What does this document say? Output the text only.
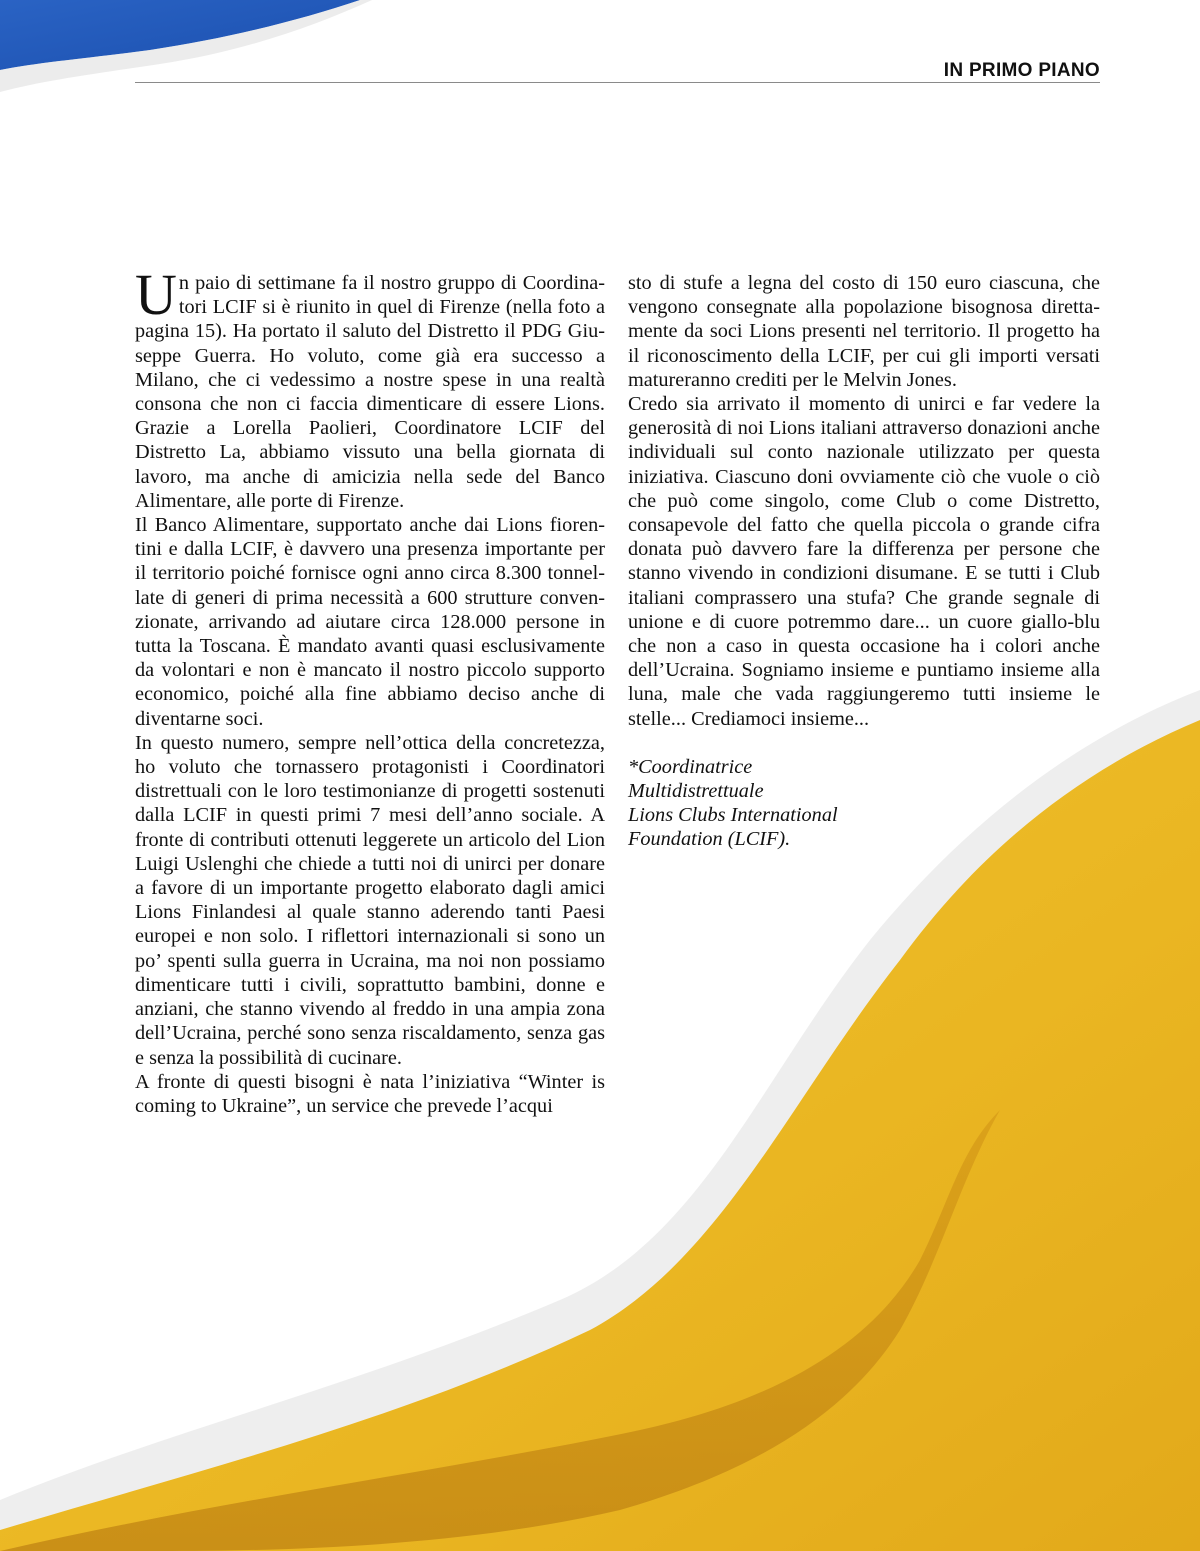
IN PRIMO PIANO

Un paio di settimane fa il nostro gruppo di Coordinatori LCIF si è riunito in quel di Firenze (nella foto a pagina 15). Ha portato il saluto del Distretto il PDG Giuseppe Guerra. Ho voluto, come già era successo a Milano, che ci vedessimo a nostre spese in una realtà consona che non ci faccia dimenticare di essere Lions. Grazie a Lorella Paolieri, Coordinatore LCIF del Distretto La, abbiamo vissuto una bella giornata di lavoro, ma anche di amicizia nella sede del Banco Alimentare, alle porte di Firenze.

Il Banco Alimentare, supportato anche dai Lions fiorentini e dalla LCIF, è davvero una presenza importante per il territorio poiché fornisce ogni anno circa 8.300 tonnellate di generi di prima necessità a 600 strutture convenzionate, arrivando ad aiutare circa 128.000 persone in tutta la Toscana. È mandato avanti quasi esclusivamente da volontari e non è mancato il nostro piccolo supporto economico, poiché alla fine abbiamo deciso anche di diventarne soci.

In questo numero, sempre nell’ottica della concretezza, ho voluto che tornassero protagonisti i Coordinatori distrettuali con le loro testimonianze di progetti sostenuti dalla LCIF in questi primi 7 mesi dell’anno sociale. A fronte di contributi ottenuti leggerete un articolo del Lion Luigi Uslenghi che chiede a tutti noi di unirci per donare a favore di un importante progetto elaborato dagli amici Lions Finlandesi al quale stanno aderendo tanti Paesi europei e non solo. I riflettori internazionali si sono un po’ spenti sulla guerra in Ucraina, ma noi non possiamo dimenticare tutti i civili, soprattutto bambini, donne e anziani, che stanno vivendo al freddo in una ampia zona dell’Ucraina, perché sono senza riscaldamento, senza gas e senza la possibilità di cucinare.

A fronte di questi bisogni è nata l’iniziativa “Winter is coming to Ukraine”, un service che prevede l’acqui

sto di stufe a legna del costo di 150 euro ciascuna, che vengono consegnate alla popolazione bisognosa direttamente da soci Lions presenti nel territorio. Il progetto ha il riconoscimento della LCIF, per cui gli importi versati matureranno crediti per le Melvin Jones.

Credo sia arrivato il momento di unirci e far vedere la generosità di noi Lions italiani attraverso donazioni anche individuali sul conto nazionale utilizzato per questa iniziativa. Ciascuno doni ovviamente ciò che vuole o ciò che può come singolo, come Club o come Distretto, consapevole del fatto che quella piccola o grande cifra donata può davvero fare la differenza per persone che stanno vivendo in condizioni disumane. E se tutti i Club italiani comprassero una stufa? Che grande segnale di unione e di cuore potremmo dare... un cuore giallo-blu che non a caso in questa occasione ha i colori anche dell’Ucraina. Sogniamo insieme e puntiamo insieme alla luna, male che vada raggiungeremo tutti insieme le stelle... Crediamoci insieme...

*Coordinatrice
Multidistrettuale
Lions Clubs International
Foundation (LCIF).
